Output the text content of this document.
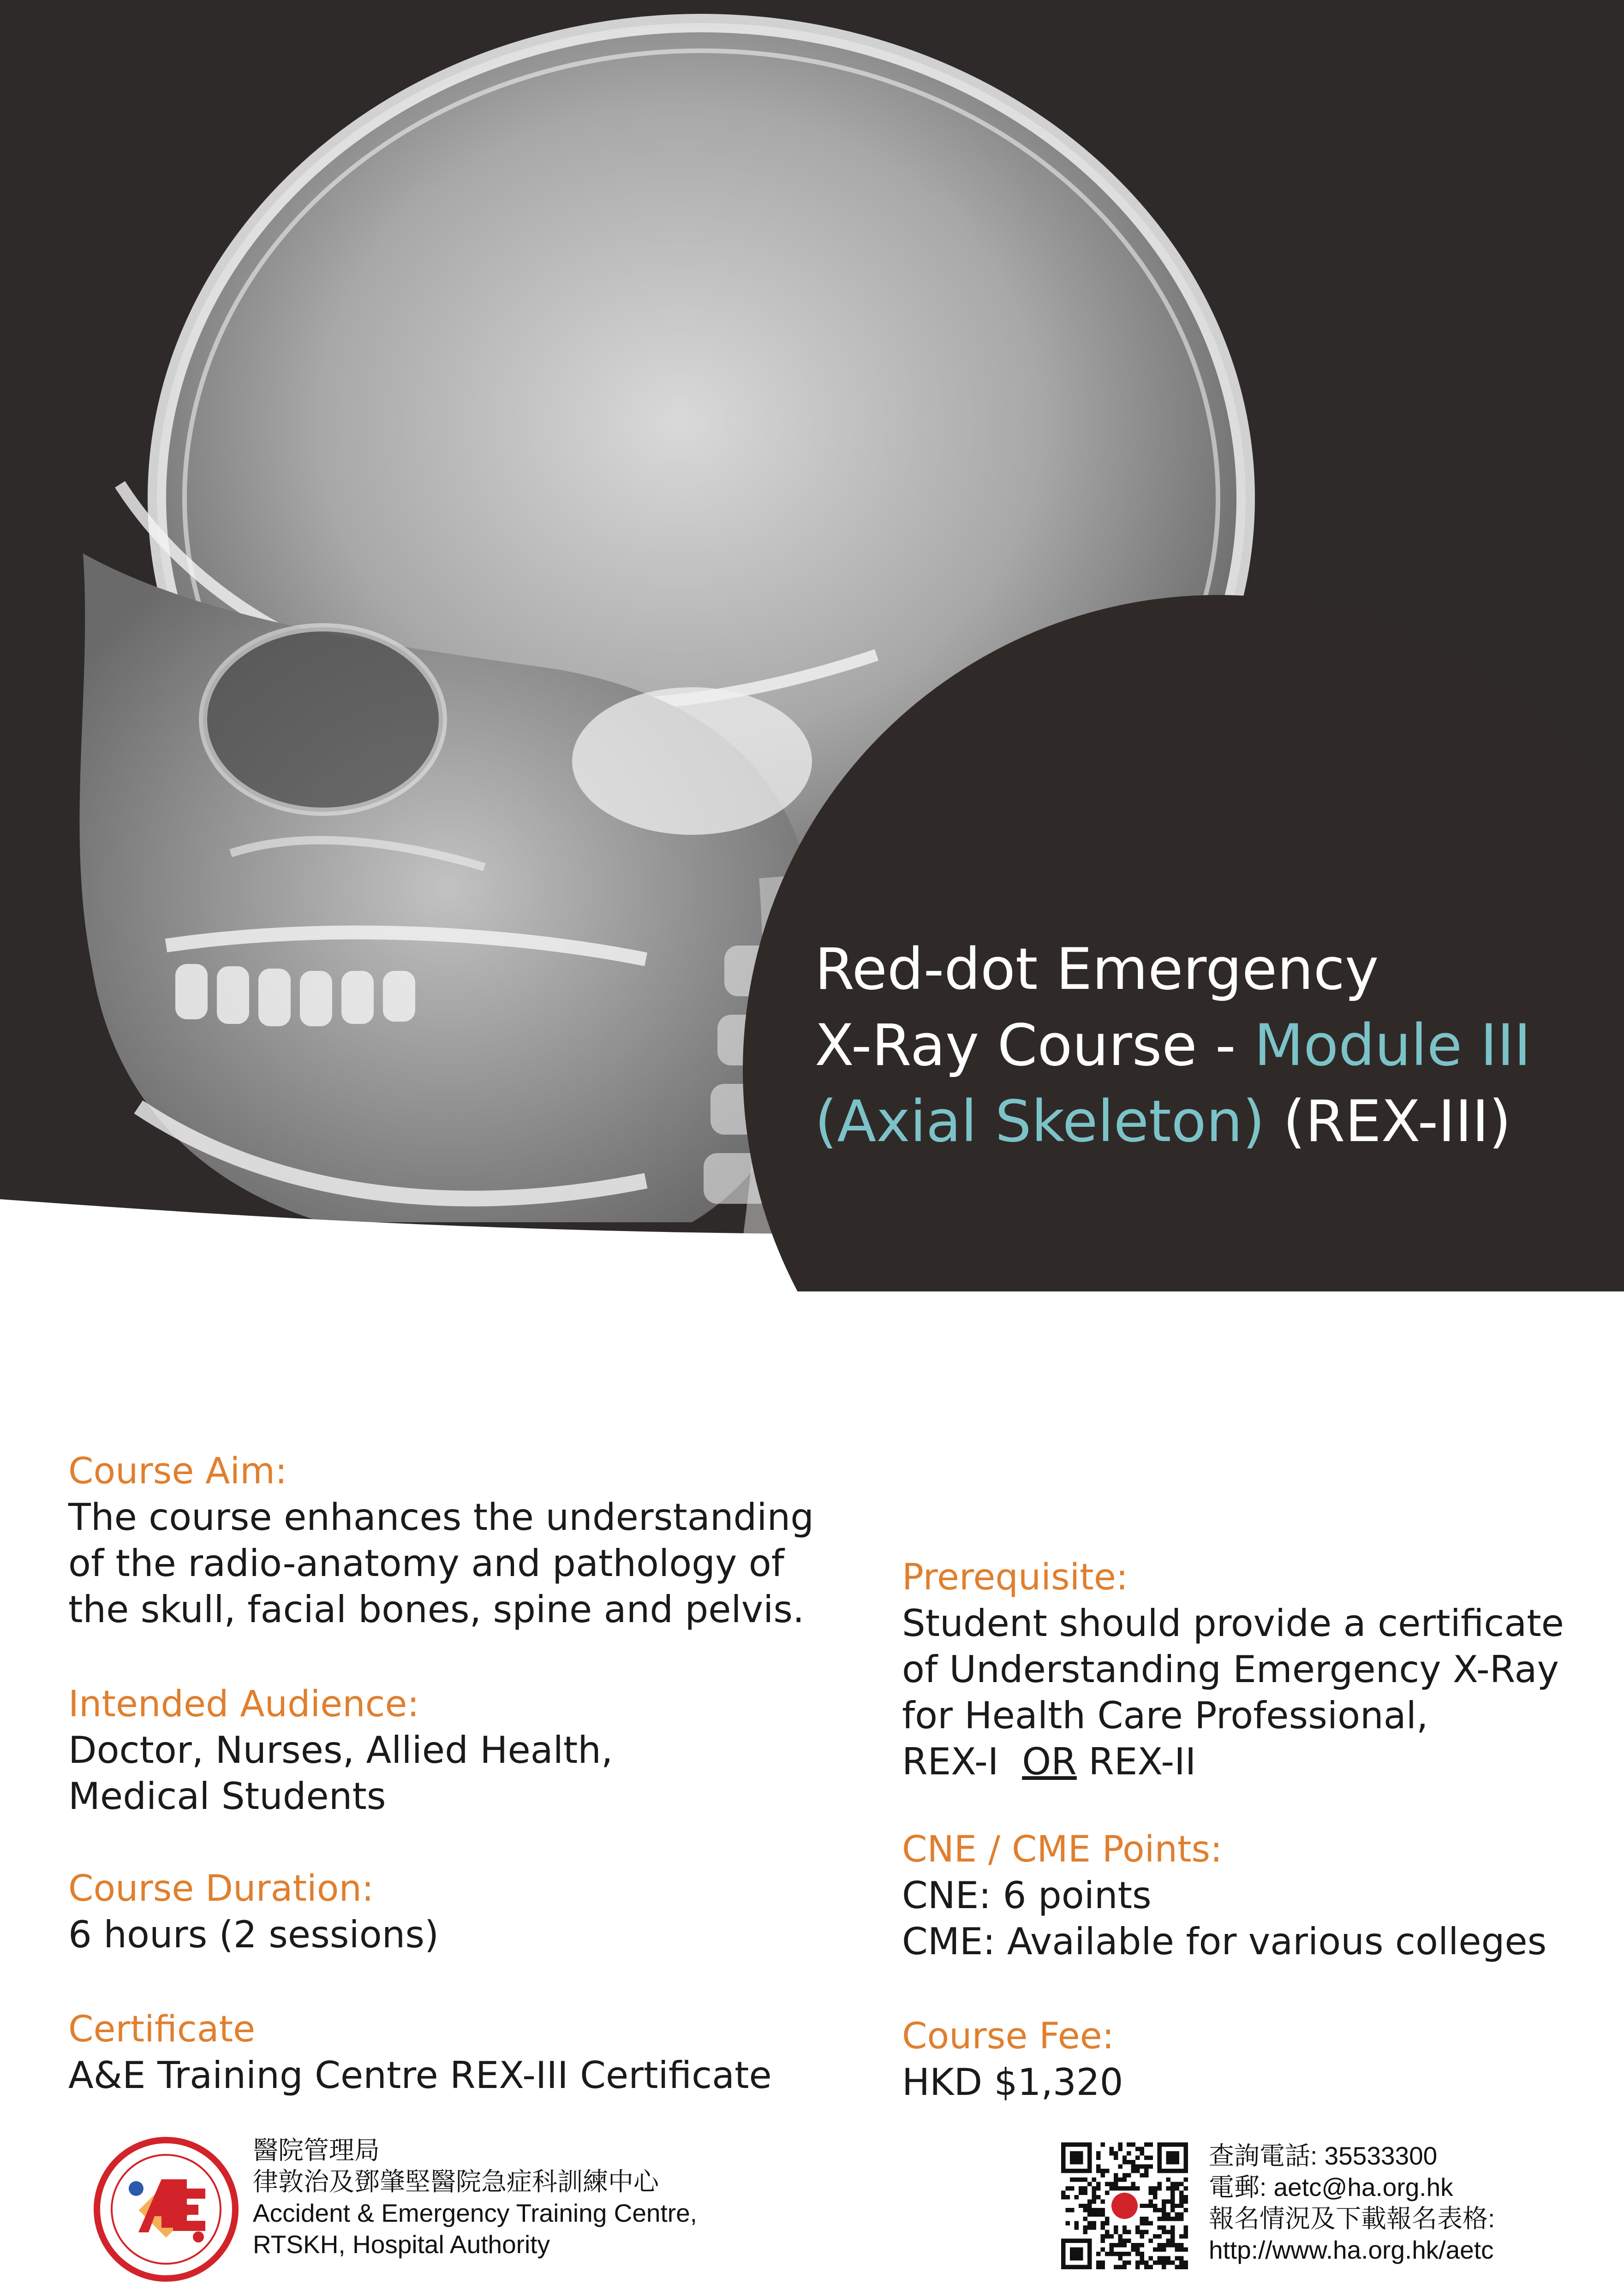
Red-dot Emergency
X-Ray Course - Module III
(Axial Skeleton) (REX-III)
Course Aim:
The course enhances the understanding
of the radio-anatomy and pathology of
the skull, facial bones, spine and pelvis.
Intended Audience:
Doctor, Nurses, Allied Health,
Medical Students
Course Duration:
6 hours (2 sessions)
Certificate
A&E Training Centre REX-III Certificate
Prerequisite:
Student should provide a certificate
of Understanding Emergency X-Ray
for Health Care Professional,
REX-I  OR REX-II
CNE / CME Points:
CNE: 6 points
CME: Available for various colleges
Course Fee:
HKD $1,320
醫院管理局
律敦治及鄧肇堅醫院急症科訓練中心
Accident & Emergency Training Centre,
RTSKH, Hospital Authority
查詢電話: 35533300
電郵: aetc@ha.org.hk
報名情況及下載報名表格:
http://www.ha.org.hk/aetc
